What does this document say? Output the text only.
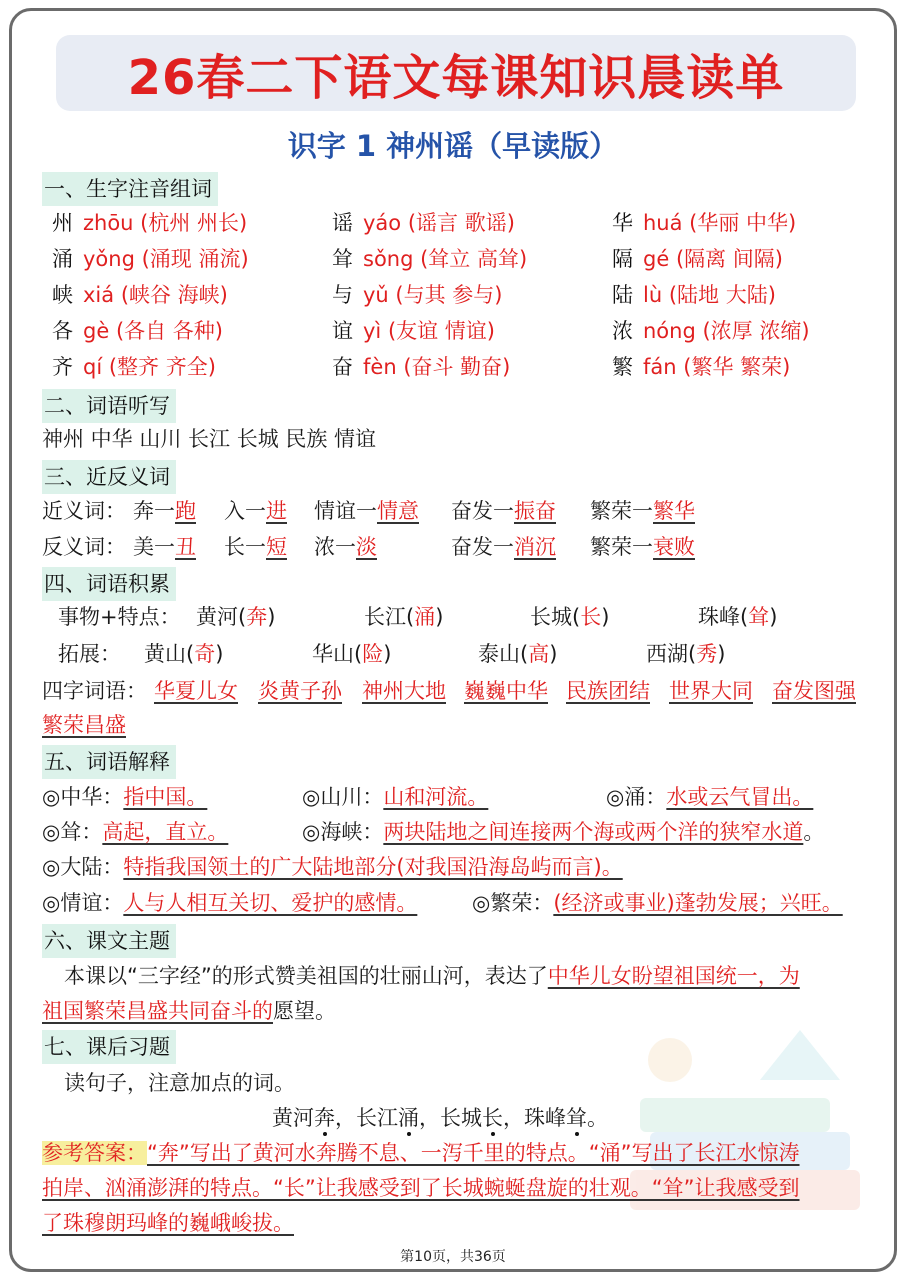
26春二下语文每课知识晨读单
识字 1 神州谣（早读版）
一、生字注音组词
州 zhōu (杭州 州长)	谣 yáo (谣言 歌谣)	华 huá (华丽 中华)
涌 yǒng (涌现 涌流)	耸 sǒng (耸立 高耸)	隔 gé (隔离 间隔)
峡 xiá (峡谷 海峡)	与 yǔ (与其 参与)	陆 lù (陆地 大陆)
各 gè (各自 各种)	谊 yì (友谊 情谊)	浓 nóng (浓厚 浓缩)
齐 qí (整齐 齐全)	奋 fèn (奋斗 勤奋)	繁 fán (繁华 繁荣)
二、词语听写
神州 中华 山川 长江 长城 民族 情谊
三、近反义词
近义词： 奔一跑 入一进 情谊一情意 奋发一振奋 繁荣一繁华
反义词： 美一丑 长一短 浓一淡	奋发一消沉 繁荣一衰败
四、词语积累
事物+特点： 黄河(奔)	长江(涌)	长城(长)	珠峰(耸)
拓展： 黄山(奇)	华山(险)	泰山(高)	西湖(秀)
四字词语： 华夏儿女 炎黄子孙 神州大地 巍巍中华 民族团结 世界大同 奋发图强
繁荣昌盛
五、词语解释
◎中华：指中国。	◎山川：山和河流。	◎涌：水或云气冒出。
◎耸：高起，直立。	◎海峡：两块陆地之间连接两个海或两个洋的狭窄水道。
◎大陆：特指我国领土的广大陆地部分(对我国沿海岛屿而言)。
◎情谊：人与人相互关切、爱护的感情。	◎繁荣：(经济或事业)蓬勃发展；兴旺。
六、课文主题
本课以“三字经”的形式赞美祖国的壮丽山河，表达了中华儿女盼望祖国统一，为
祖国繁荣昌盛共同奋斗的愿望。
七、课后习题
读句子，注意加点的词。
黄河奔，长江涌，长城长，珠峰耸。
参考答案：“奔”写出了黄河水奔腾不息、一泻千里的特点。“涌”写出了长江水惊涛
拍岸、汹涌澎湃的特点。“长”让我感受到了长城蜿蜒盘旋的壮观。“耸”让我感受到
了珠穆朗玛峰的巍峨峻拔。
第10页，共36页
